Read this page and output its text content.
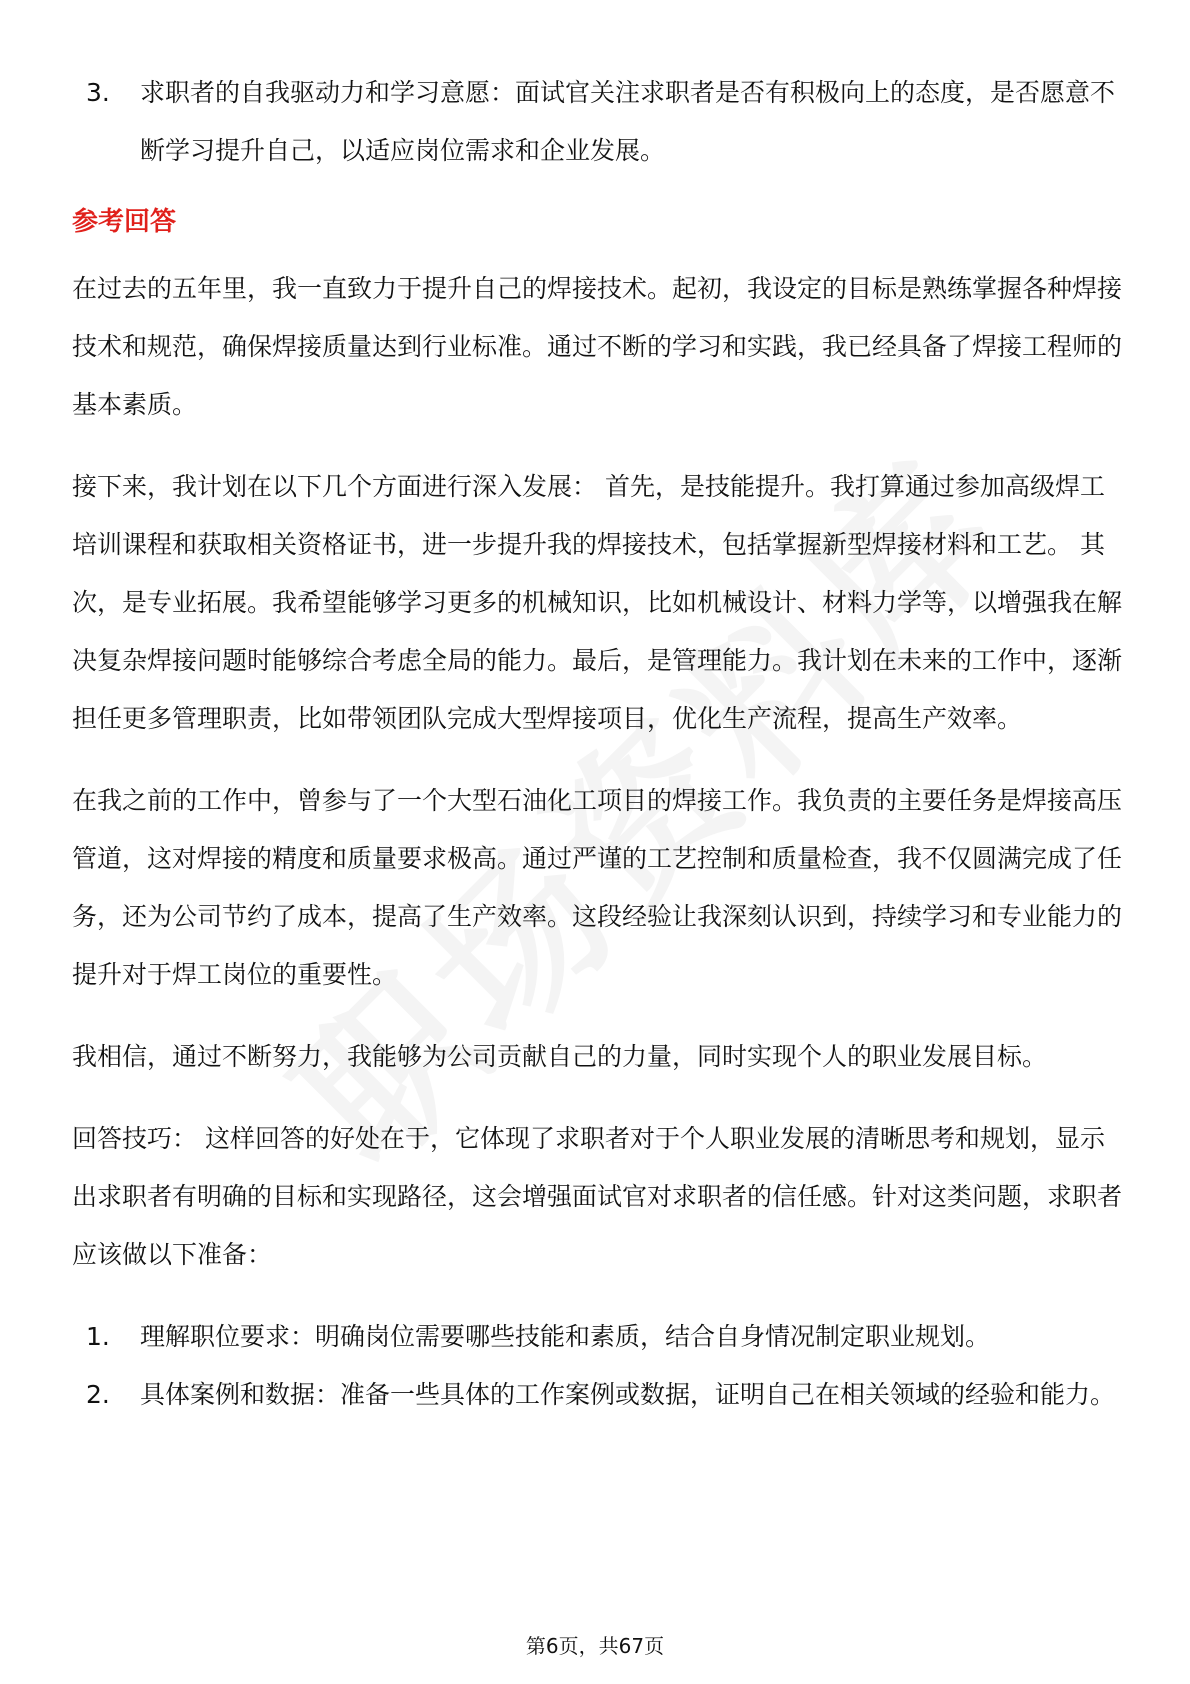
3.	求职者的自我驱动力和学习意愿：面试官关注求职者是否有积极向上的态度，是否愿意不断学习提升自己，以适应岗位需求和企业发展。
参考回答
在过去的五年里，我一直致力于提升自己的焊接技术。起初，我设定的目标是熟练掌握各种焊接技术和规范，确保焊接质量达到行业标准。通过不断的学习和实践，我已经具备了焊接工程师的基本素质。
接下来，我计划在以下几个方面进行深入发展： 首先，是技能提升。我打算通过参加高级焊工培训课程和获取相关资格证书，进一步提升我的焊接技术，包括掌握新型焊接材料和工艺。 其次，是专业拓展。我希望能够学习更多的机械知识，比如机械设计、材料力学等，以增强我在解决复杂焊接问题时能够综合考虑全局的能力。最后，是管理能力。我计划在未来的工作中，逐渐担任更多管理职责，比如带领团队完成大型焊接项目，优化生产流程，提高生产效率。
在我之前的工作中，曾参与了一个大型石油化工项目的焊接工作。我负责的主要任务是焊接高压管道，这对焊接的精度和质量要求极高。通过严谨的工艺控制和质量检查，我不仅圆满完成了任务，还为公司节约了成本，提高了生产效率。这段经验让我深刻认识到，持续学习和专业能力的提升对于焊工岗位的重要性。
我相信，通过不断努力，我能够为公司贡献自己的力量，同时实现个人的职业发展目标。
回答技巧： 这样回答的好处在于，它体现了求职者对于个人职业发展的清晰思考和规划，显示出求职者有明确的目标和实现路径，这会增强面试官对求职者的信任感。针对这类问题，求职者应该做以下准备：
1.	理解职位要求：明确岗位需要哪些技能和素质，结合自身情况制定职业规划。
2.	具体案例和数据：准备一些具体的工作案例或数据，证明自己在相关领域的经验和能力。
第6页，共67页
